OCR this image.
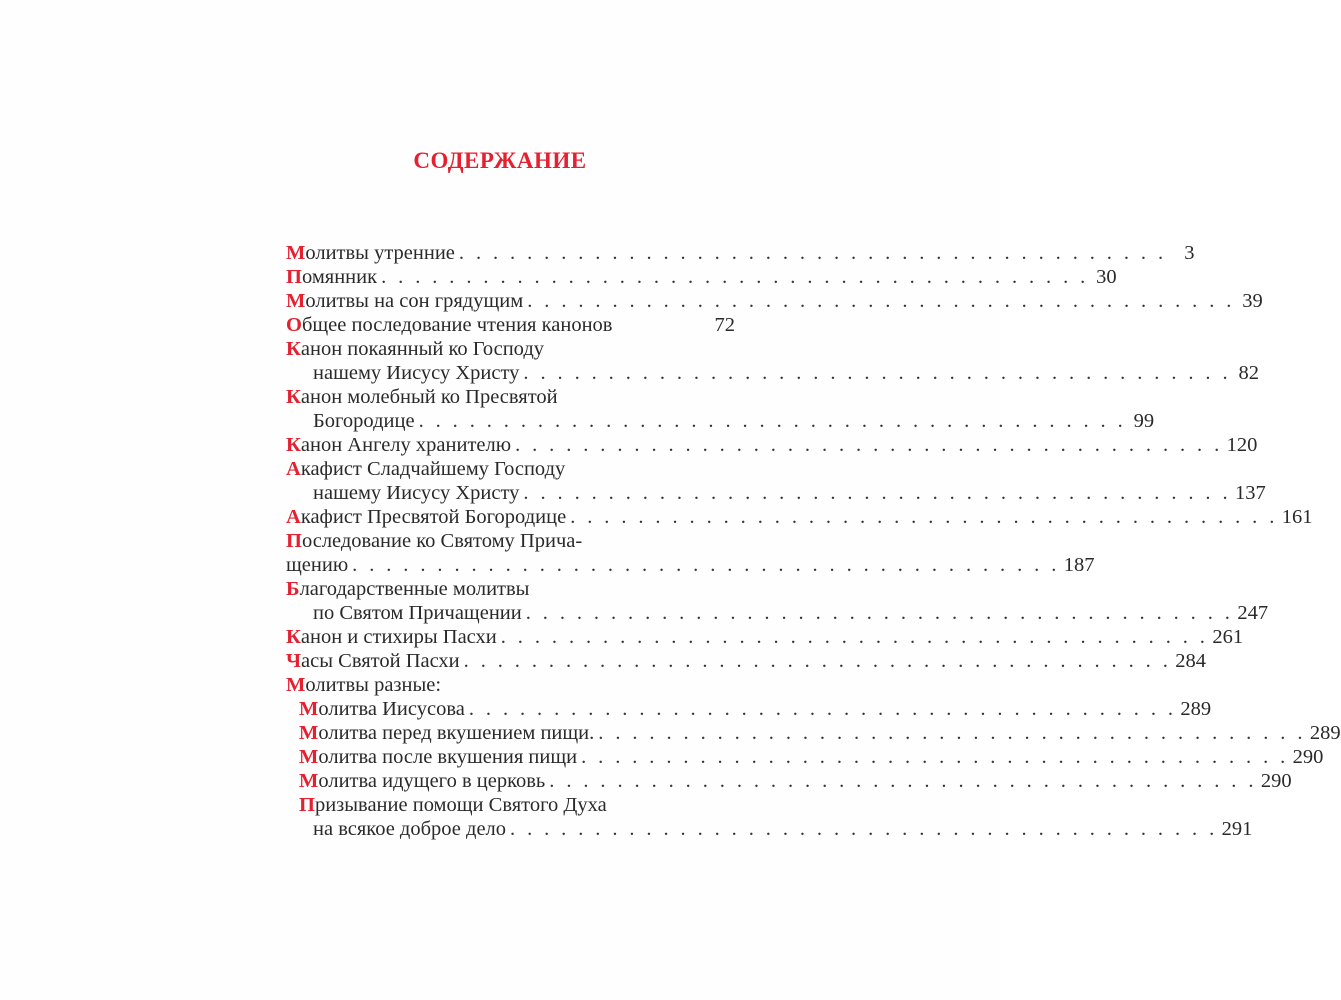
СОДЕРЖАНИЕ
М олитвы утренние . . . . . . . . . . . . . . . . . . . . . . . . . . . . . . . . . . . . . . . . . . 3
П омянник . . . . . . . . . . . . . . . . . . . . . . . . . . . . . . . . . . . . . . . . . . 30
М олитвы на сон грядущим . . . . . . . . . . . . . . . . . . . . . . . . . . . . . . . . . . . . . . . . . . 39
О бщее последование чтения канонов	72
К анон покаянный ко Господу
нашему Иисусу Христу . . . . . . . . . . . . . . . . . . . . . . . . . . . . . . . . . . . . . . . . . . 82
К анон молебный ко Пресвятой
Богородице . . . . . . . . . . . . . . . . . . . . . . . . . . . . . . . . . . . . . . . . . . 99
К анон Ангелу хранителю . . . . . . . . . . . . . . . . . . . . . . . . . . . . . . . . . . . . . . . . . . 120
А кафист Сладчайшему Господу
нашему Иисусу Христу . . . . . . . . . . . . . . . . . . . . . . . . . . . . . . . . . . . . . . . . . . 137
А кафист Пресвятой Богородице . . . . . . . . . . . . . . . . . . . . . . . . . . . . . . . . . . . . . . . . . . 161
П оследование ко Святому Прича-
щению . . . . . . . . . . . . . . . . . . . . . . . . . . . . . . . . . . . . . . . . . . 187
Б лагодарственные молитвы
по Святом Причащении . . . . . . . . . . . . . . . . . . . . . . . . . . . . . . . . . . . . . . . . . . 247
К анон и стихиры Пасхи . . . . . . . . . . . . . . . . . . . . . . . . . . . . . . . . . . . . . . . . . . 261
Ч асы Святой Пасхи . . . . . . . . . . . . . . . . . . . . . . . . . . . . . . . . . . . . . . . . . . 284
М олитвы разные:
М олитва Иисусова . . . . . . . . . . . . . . . . . . . . . . . . . . . . . . . . . . . . . . . . . . 289
М олитва перед вкушением пищи. . . . . . . . . . . . . . . . . . . . . . . . . . . . . . . . . . . . . . . . . . . 289
М олитва после вкушения пищи . . . . . . . . . . . . . . . . . . . . . . . . . . . . . . . . . . . . . . . . . . 290
М олитва идущего в церковь . . . . . . . . . . . . . . . . . . . . . . . . . . . . . . . . . . . . . . . . . . 290
П ризывание помощи Святого Духа
на всякое доброе дело . . . . . . . . . . . . . . . . . . . . . . . . . . . . . . . . . . . . . . . . . . 291
